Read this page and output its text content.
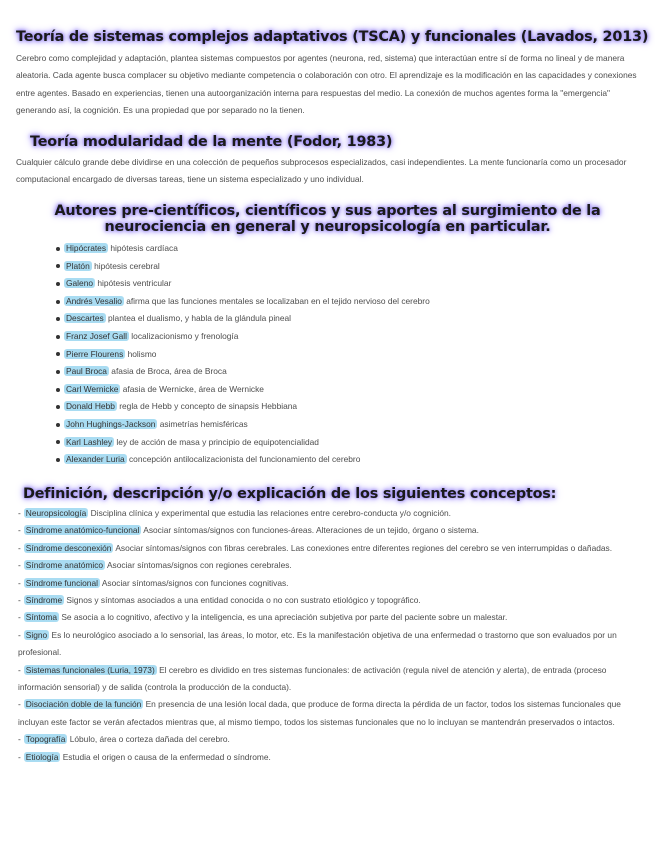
Teoría de sistemas complejos adaptativos (TSCA) y funcionales (Lavados, 2013)
Cerebro como complejidad y adaptación, plantea sistemas compuestos por agentes (neurona, red, sistema) que interactúan entre sí de forma no lineal y de manera aleatoria. Cada agente busca complacer su objetivo mediante competencia o colaboración con otro. El aprendizaje es la modificación en las capacidades y conexiones entre agentes. Basado en experiencias, tienen una autoorganización interna para respuestas del medio. La conexión de muchos agentes forma la "emergencia" generando así, la cognición. Es una propiedad que por separado no la tienen.
Teoría modularidad de la mente (Fodor, 1983)
Cualquier cálculo grande debe dividirse en una colección de pequeños subprocesos especializados, casi independientes. La mente funcionaría como un procesador computacional encargado de diversas tareas, tiene un sistema especializado y uno individual.
Autores pre-científicos, científicos y sus aportes al surgimiento de la neurociencia en general y neuropsicología en particular.
Hipócrates hipótesis cardíaca
Platón hipótesis cerebral
Galeno hipótesis ventricular
Andrés Vesalio afirma que las funciones mentales se localizaban en el tejido nervioso del cerebro
Descartes plantea el dualismo, y habla de la glándula pineal
Franz Josef Gall localizacionismo y frenología
Pierre Flourens holismo
Paul Broca afasia de Broca, área de Broca
Carl Wernicke afasia de Wernicke, área de Wernicke
Donald Hebb regla de Hebb y concepto de sinapsis Hebbiana
John Hughings-Jackson asimetrías hemisféricas
Karl Lashley ley de acción de masa y principio de equipotencialidad
Alexander Luria concepción antilocalizacionista del funcionamiento del cerebro
Definición, descripción y/o explicación de los siguientes conceptos:

- Neuropsicología Disciplina clínica y experimental que estudia las relaciones entre cerebro-conducta y/o cognición.

- Síndrome anatómico-funcional Asociar síntomas/signos con funciones-áreas. Alteraciones de un tejido, órgano o sistema.

- Síndrome desconexión Asociar síntomas/signos con fibras cerebrales. Las conexiones entre diferentes regiones del cerebro se ven interrumpidas o dañadas.

- Síndrome anatómico Asociar síntomas/signos con regiones cerebrales.

- Síndrome funcional Asociar síntomas/signos con funciones cognitivas.

- Síndrome Signos y síntomas asociados a una entidad conocida o no con sustrato etiológico y topográfico.

- Síntoma Se asocia a lo cognitivo, afectivo y la inteligencia, es una apreciación subjetiva por parte del paciente sobre un malestar.

- Signo Es lo neurológico asociado a lo sensorial, las áreas, lo motor, etc. Es la manifestación objetiva de una enfermedad o trastorno que son evaluados por un profesional.

- Sistemas funcionales (Luria, 1973) El cerebro es dividido en tres sistemas funcionales: de activación (regula nivel de atención y alerta), de entrada (proceso información sensorial) y de salida (controla la producción de la conducta).

- Disociación doble de la función En presencia de una lesión local dada, que produce de forma directa la pérdida de un factor, todos los sistemas funcionales que incluyan este factor se verán afectados mientras que, al mismo tiempo, todos los sistemas funcionales que no lo incluyan se mantendrán preservados o intactos.

- Topografía Lóbulo, área o corteza dañada del cerebro.

- Etiología Estudia el origen o causa de la enfermedad o síndrome.
